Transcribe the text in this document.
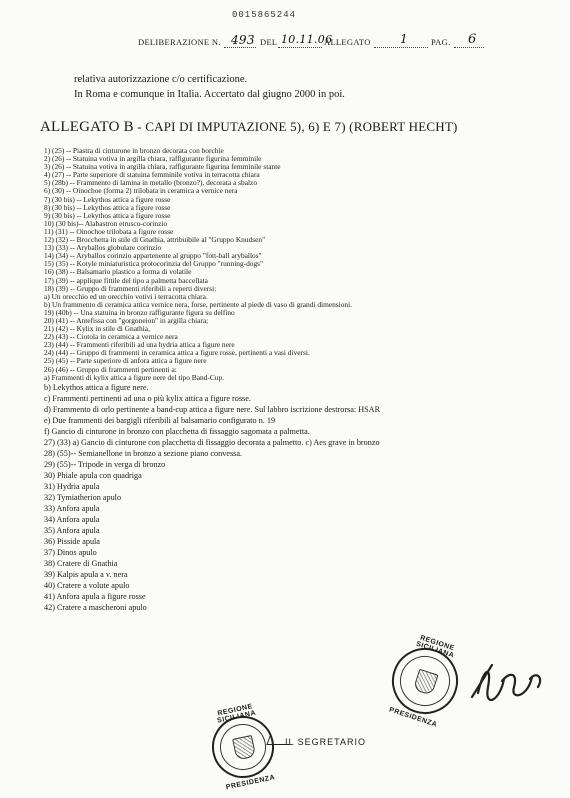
0015865244
DELIBERAZIONE N. 493 DEL 10.11.06
ALLEGATO 1	PAG. 6
relativa autorizzazione c/o certificazione.
In Roma e comunque in Italia. Accertato dal giugno 2000 in poi.
ALLEGATO B - CAPI DI IMPUTAZIONE 5), 6) E 7) (ROBERT HECHT)
1) (25) -- Piastra di cinturone in bronzo decorata con borchie
2) (26) -- Statuina votiva in argilla chiara, raffigurante figurina femminile
3) (26) -- Statuina votiva in argilla chiara, raffigurante figurina femminile stante
4) (27) -- Parte superiore di statuina femminile votiva in terracotta chiara
5) (28b) -- Frammento di lamina in metallo (bronzo?), decorata a sbalzo
6) (30) -- Oinochoe (forma 2) trilobata in ceramica a vernice nera
7) (30 bis) -- Lekythos attica a figure rosse
8) (30 bis) -- Lekythos attica a figure rosse
9) (30 bis) -- Lekythos attica a figure rosse
10) (30 bis)-- Alabastron etrusco-corinzio
11) (31) -- Oinochoe trilobata a figure rosse
12) (32) -- Brocchetta in stile di Gnathia, attribuibile al "Gruppo Knudsen"
13) (33) -- Aryballos globulare corinzio
14) (34) -- Aryballos corinzio appartenente al gruppo "fott-ball aryballos"
15) (35) -- Kotyle miniaturistica protocorinzia del Gruppo "running-dogs"
16) (38) -- Balsamario plastico a forma di volatile
17) (39) -- applique fittile del tipo a palmetta baccellata
18) (39) -- Gruppo di frammenti riferibili a reperti diversi:
a) Un orecchio ed un orecchio votivi i terracotta chiara.
b) Un frammento di ceramica attica vernice nera, forse, pertinente al piede di vaso di grandi dimensioni.
19) (40b) -- Una statuina in bronzo raffigurante figura su delfino
20) (41) -- Antefissa con "gorgoneion" in argilla chiara;
21) (42) -- Kylix in stile di Gnathia,
22) (43) -- Ciotola in ceramica a vernice nera
23) (44) -- Frammenti riferibili ad una hydria attica a figure nere
24) (44) -- Gruppo di frammenti in ceramica attica a figure rosse, pertinenti a vasi diversi.
25) (45) -- Parte superiore di anfora attica a figure nere
26) (46) -- Gruppo di frammenti pertinenti a:
a) Frammenti di kylix attica a figure nere del tipo Band-Cup.
b) Lekythos attica a figure nere.
c) Frammenti pertinenti ad una o più kylix attica a figure rosse.
d) Frammento di orlo pertinente a band-cup attica a figure nere. Sul labbro iscrizione destrorsa: HSAR
e) Due frammenti dei bargigli riferibili al balsamario configurato n. 19
f) Gancio di cinturone in bronzo con placchetta di fissaggio sagomata a palmetta.
27) (33) a) Gancio di cinturone con placchetta di fissaggio decorata a palmetto. c) Aes grave in bronzo
28) (55)-- Semianellone in bronzo a sezione piano convessa.
29) (55)-- Tripode in verga di bronzo
30) Phiale apula con quadriga
31) Hydria apula
32) Tymiatherion apulo
33) Anfora apula
34) Anfora apula
35) Anfora apula
36) Pisside apula
37) Dinos apulo
38) Cratere di Gnathia
39) Kalpis apula a v. nera
40) Cratere a volute apulo
41) Anfora apula a figure rosse
42) Cratere a mascheroni apulo
REGIONE SICILIANA
PRESIDENZA
REGIONE SICILIANA
PRESIDENZA
IL SEGRETARIO
